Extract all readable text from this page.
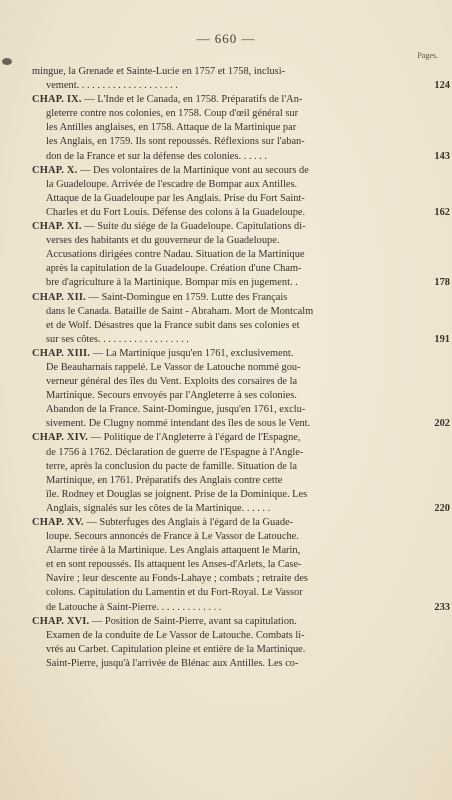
— 660 —
Pages.
mingue, la Grenade et Sainte-Lucie en 1757 et 1758, inclusi-
vement. . . . . . . . . . . . . . . . . . . .	124
CHAP. IX. — L'Inde et le Canada, en 1758. Préparatifs de l'An-
gleterre contre nos colonies, en 1758. Coup d'œil général sur
les Antilles anglaises, en 1758. Attaque de la Martinique par
les Anglais, en 1759. Ils sont repoussés. Réflexions sur l'aban-
don de la France et sur la défense des colonies. . . . . .	143
CHAP. X. — Des volontaires de la Martinique vont au secours de
la Guadeloupe. Arrivée de l'escadre de Bompar aux Antilles.
Attaque de la Guadeloupe par les Anglais. Prise du Fort Saint-
Charles et du Fort Louis. Défense des colons à la Guadeloupe.	162
CHAP. XI. — Suite du siége de la Guadeloupe. Capitulations di-
verses des habitants et du gouverneur de la Guadeloupe.
Accusations dirigées contre Nadau. Situation de la Martinique
après la capitulation de la Guadeloupe. Création d'une Cham-
bre d'agriculture à la Martinique. Bompar mis en jugement. .	178
CHAP. XII. — Saint-Domingue en 1759. Lutte des Français
dans le Canada. Bataille de Saint - Abraham. Mort de Montcalm
et de Wolf. Désastres que la France subit dans ses colonies et
sur ses côtes. . . . . . . . . . . . . . . . . .	191
CHAP. XIII. — La Martinique jusqu'en 1761, exclusivement.
De Beauharnais rappelé. Le Vassor de Latouche nommé gou-
verneur général des îles du Vent. Exploits des corsaires de la
Martinique. Secours envoyés par l'Angleterre à ses colonies.
Abandon de la France. Saint-Domingue, jusqu'en 1761, exclu-
sivement. De Clugny nommé intendant des îles de sous le Vent.	202
CHAP. XIV. — Politique de l'Angleterre à l'égard de l'Espagne,
de 1756 à 1762. Déclaration de guerre de l'Espagne à l'Angle-
terre, après la conclusion du pacte de famille. Situation de la
Martinique, en 1761. Préparatifs des Anglais contre cette
île. Rodney et Douglas se joignent. Prise de la Dominique. Les
Anglais, signalés sur les côtes de la Martinique. . . . . .	220
CHAP. XV. — Subterfuges des Anglais à l'égard de la Guade-
loupe. Secours annoncés de France à Le Vassor de Latouche.
Alarme tirée à la Martinique. Les Anglais attaquent le Marin,
et en sont repoussés. Ils attaquent les Anses-d'Arlets, la Case-
Navire ; leur descente au Fonds-Lahaye ; combats ; retraite des
colons. Capitulation du Lamentin et du Fort-Royal. Le Vassor
de Latouche à Saint-Pierre. . . . . . . . . . . . .	233
CHAP. XVI. — Position de Saint-Pierre, avant sa capitulation.
Examen de la conduite de Le Vassor de Latouche. Combats li-
vrés au Carbet. Capitulation pleine et entière de la Martinique.
Saint-Pierre, jusqu'à l'arrivée de Blénac aux Antilles. Les co-
